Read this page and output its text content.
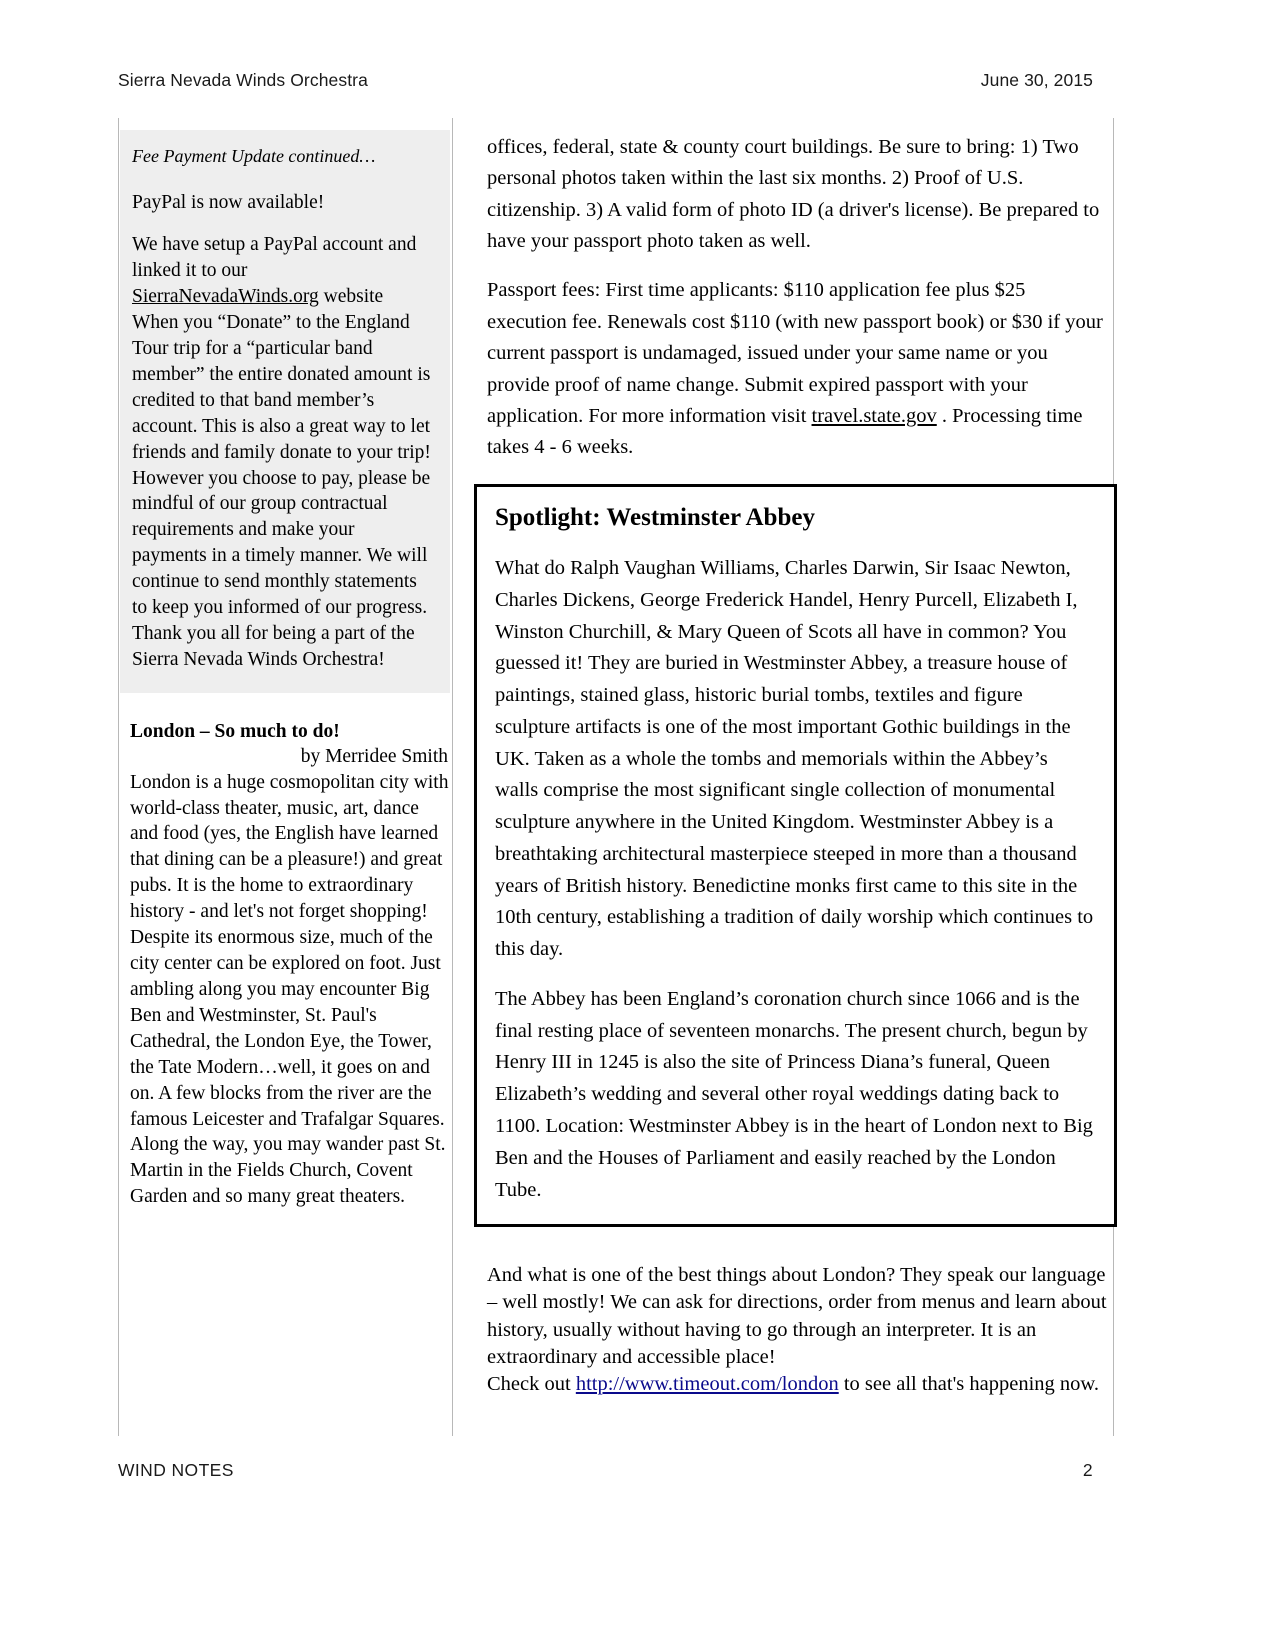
Sierra Nevada Winds Orchestra	June 30, 2015

Fee Payment Update continued…

PayPal is now available!

We have setup a PayPal account and linked it to our SierraNevadaWinds.org website When you “Donate” to the England Tour trip for a “particular band member” the entire donated amount is credited to that band member’s account. This is also a great way to let friends and family donate to your trip!

However you choose to pay, please be mindful of our group contractual requirements and make your payments in a timely manner. We will continue to send monthly statements to keep you informed of our progress.

Thank you all for being a part of the Sierra Nevada Winds Orchestra!

London – So much to do!

by Merridee Smith

London is a huge cosmopolitan city with world-class theater, music, art, dance and food (yes, the English have learned that dining can be a pleasure!) and great pubs. It is the home to extraordinary history - and let's not forget shopping!

Despite its enormous size, much of the city center can be explored on foot. Just ambling along you may encounter Big Ben and Westminster, St. Paul's Cathedral, the London Eye, the Tower, the Tate Modern…well, it goes on and on. A few blocks from the river are the famous Leicester and Trafalgar Squares. Along the way, you may wander past St. Martin in the Fields Church, Covent Garden and so many great theaters.

offices, federal, state & county court buildings. Be sure to bring: 1) Two personal photos taken within the last six months. 2) Proof of U.S. citizenship. 3) A valid form of photo ID (a driver's license). Be prepared to have your passport photo taken as well.

Passport fees: First time applicants: $110 application fee plus $25 execution fee. Renewals cost $110 (with new passport book) or $30 if your current passport is undamaged, issued under your same name or you provide proof of name change. Submit expired passport with your application. For more information visit travel.state.gov . Processing time takes 4 - 6 weeks.

Spotlight: Westminster Abbey

What do Ralph Vaughan Williams, Charles Darwin, Sir Isaac Newton, Charles Dickens, George Frederick Handel, Henry Purcell, Elizabeth I, Winston Churchill, & Mary Queen of Scots all have in common? You guessed it! They are buried in Westminster Abbey, a treasure house of paintings, stained glass, historic burial tombs, textiles and figure sculpture artifacts is one of the most important Gothic buildings in the UK. Taken as a whole the tombs and memorials within the Abbey’s walls comprise the most significant single collection of monumental sculpture anywhere in the United Kingdom. Westminster Abbey is a breathtaking architectural masterpiece steeped in more than a thousand years of British history. Benedictine monks first came to this site in the 10th century, establishing a tradition of daily worship which continues to this day.

The Abbey has been England’s coronation church since 1066 and is the final resting place of seventeen monarchs. The present church, begun by Henry III in 1245 is also the site of Princess Diana’s funeral, Queen Elizabeth’s wedding and several other royal weddings dating back to 1100. Location: Westminster Abbey is in the heart of London next to Big Ben and the Houses of Parliament and easily reached by the London Tube.

And what is one of the best things about London? They speak our language – well mostly! We can ask for directions, order from menus and learn about history, usually without having to go through an interpreter. It is an extraordinary and accessible place!
Check out http://www.timeout.com/london to see all that's happening now.

WIND NOTES	2
